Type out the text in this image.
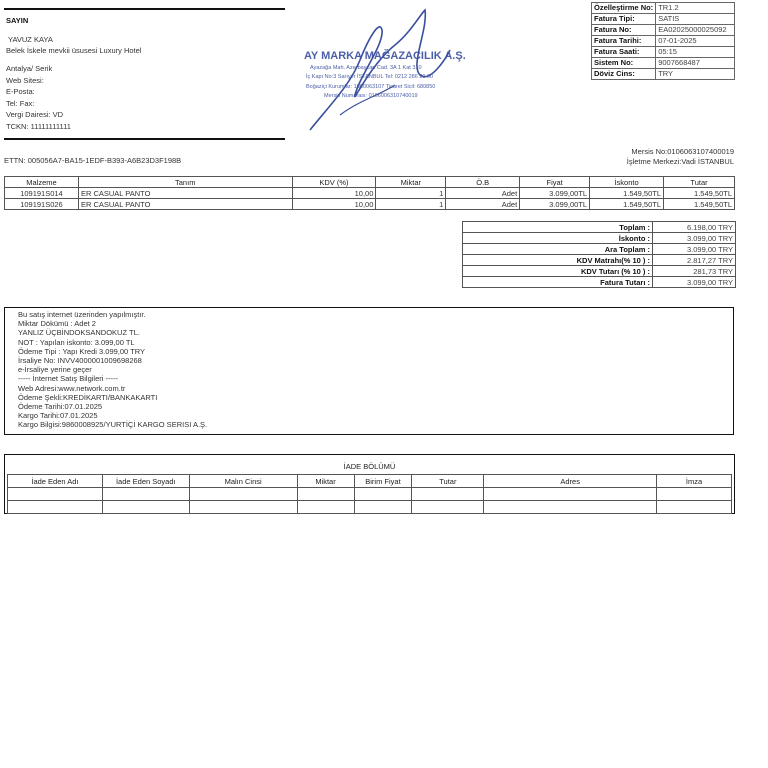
SAYIN
YAVUZ KAYA
Belek İskele mevkii üsusesi Luxury Hotel
Antalya/ Serik
Web Sitesi:
E-Posta:
Tel: Fax:
Vergi Dairesi: VD
TCKN: 11111111111
AY MARKA MAĞAZACILIK A.Ş.
Ayazağa Mah. Azerbaycan Cad. 3A 1 Kat 310
İç Kapı No:3 Sarıyer İSTANBUL Tel: 0212 286 20 00
Boğaziçi Kurumlar: 1060063107 Ticaret Sicil: 680850
Mersis Numarası: 0106006310740019
Özelleştirme No:	TR1.2
Fatura Tipi:	SATIS
Fatura No:	EA02025000025092
Fatura Tarihi:	07-01-2025
Fatura Saati:	05:15
Sistem No:	9007668487
Döviz Cins:	TRY
ETTN: 005056A7-BA15-1EDF-B393-A6B23D3F198B
Mersis No:0106063107400019
İşletme Merkezi:Vadi İSTANBUL
Malzeme	Tanım	KDV (%)	Miktar	Ö.B	Fiyat	İskonto	Tutar
109191S014	ER CASUAL PANTO	10,00	1	Adet	3.099,00TL	1.549,50TL	1.549,50TL
109191S026	ER CASUAL PANTO	10,00	1	Adet	3.099,00TL	1.549,50TL	1.549,50TL
Toplam :	6.198,00 TRY
İskonto :	3.099,00 TRY
Ara Toplam :	3.099,00 TRY
KDV Matrahı(% 10 ) :	2.817,27 TRY
KDV Tutarı (% 10 ) :	281,73 TRY
Fatura Tutarı :	3.099,00 TRY
Bu satış internet üzerinden yapılmıştır.
Miktar Dökümü : Adet 2
YANLIZ ÜÇBİNDOKSANDOKUZ TL.
NOT : Yapılan iskonto: 3.099,00 TL
Ödeme Tipi : Yapı Kredi 3.099,00 TRY
İrsaliye No: INVV4000001009698268
e-İrsaliye yerine geçer
----- İnternet Satış Bilgileri -----
Web Adresi:www.network.com.tr
Ödeme Şekli:KREDİKARTI/BANKAKARTI
Ödeme Tarihi:07.01.2025
Kargo Tarihi:07.01.2025
Kargo Bilgisi:9860008925/YURTİÇİ KARGO SERISI A.Ş.
İADE BÖLÜMÜ
İade Eden Adı	İade Eden Soyadı	Malın Cinsi	Miktar	Birim Fiyat	Tutar	Adres	İmza
